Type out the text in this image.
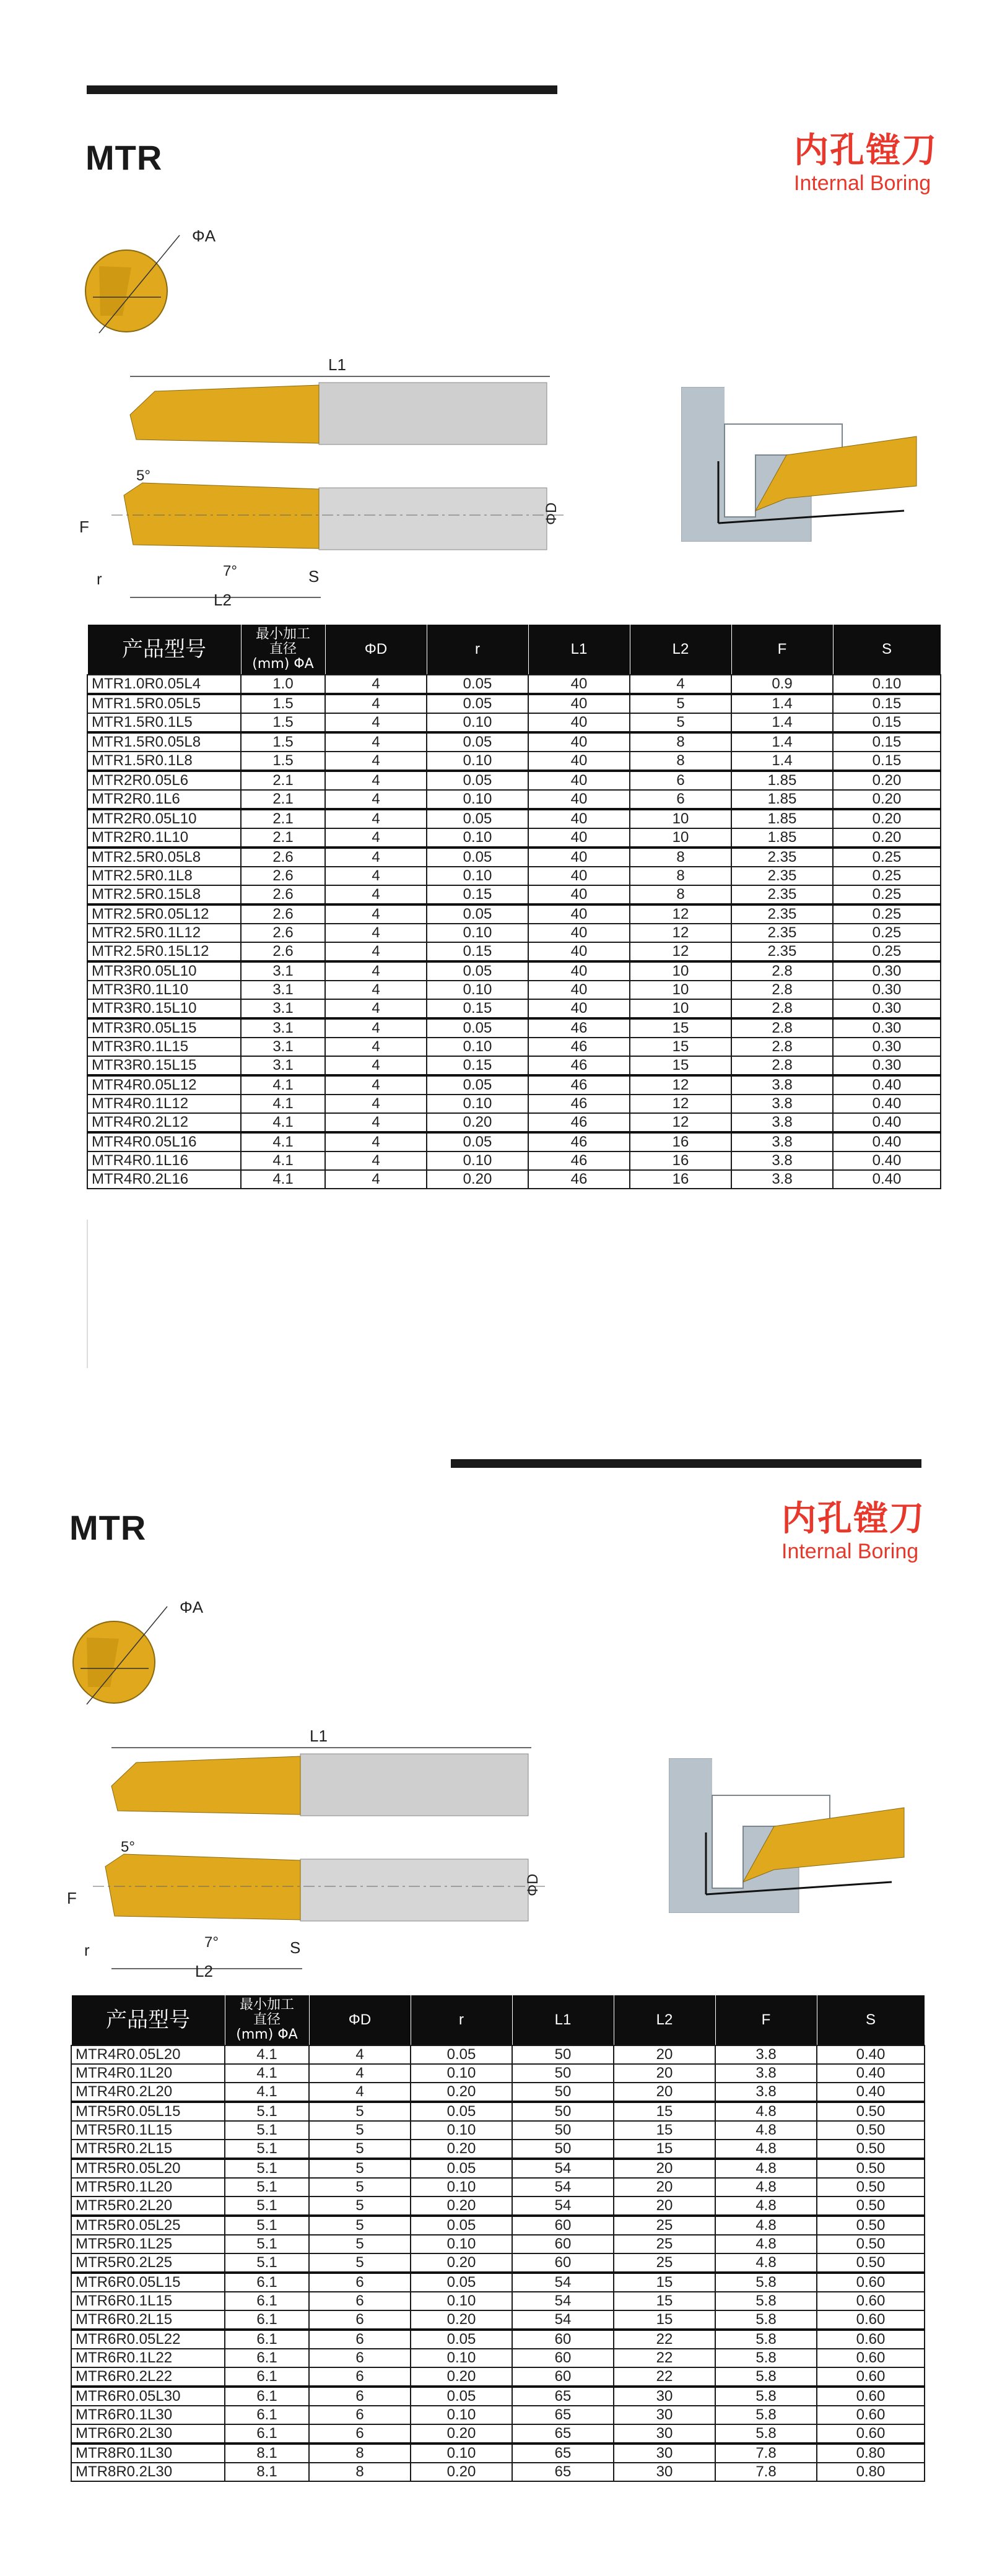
MTR	内孔镗刀
Internal Boring
ΦA
L1
5°
F
r	7°	S
L2
ΦD
产品型号	最小加工
直径
(mm) ΦA	ΦD	r	L1	L2	F	S
MTR1.0R0.05L4	1.0	4	0.05	40	4	0.9	0.10
MTR1.5R0.05L5	1.5	4	0.05	40	5	1.4	0.15
MTR1.5R0.1L5	1.5	4	0.10	40	5	1.4	0.15
MTR1.5R0.05L8	1.5	4	0.05	40	8	1.4	0.15
MTR1.5R0.1L8	1.5	4	0.10	40	8	1.4	0.15
MTR2R0.05L6	2.1	4	0.05	40	6	1.85	0.20
MTR2R0.1L6	2.1	4	0.10	40	6	1.85	0.20
MTR2R0.05L10	2.1	4	0.05	40	10	1.85	0.20
MTR2R0.1L10	2.1	4	0.10	40	10	1.85	0.20
MTR2.5R0.05L8	2.6	4	0.05	40	8	2.35	0.25
MTR2.5R0.1L8	2.6	4	0.10	40	8	2.35	0.25
MTR2.5R0.15L8	2.6	4	0.15	40	8	2.35	0.25
MTR2.5R0.05L12	2.6	4	0.05	40	12	2.35	0.25
MTR2.5R0.1L12	2.6	4	0.10	40	12	2.35	0.25
MTR2.5R0.15L12	2.6	4	0.15	40	12	2.35	0.25
MTR3R0.05L10	3.1	4	0.05	40	10	2.8	0.30
MTR3R0.1L10	3.1	4	0.10	40	10	2.8	0.30
MTR3R0.15L10	3.1	4	0.15	40	10	2.8	0.30
MTR3R0.05L15	3.1	4	0.05	46	15	2.8	0.30
MTR3R0.1L15	3.1	4	0.10	46	15	2.8	0.30
MTR3R0.15L15	3.1	4	0.15	46	15	2.8	0.30
MTR4R0.05L12	4.1	4	0.05	46	12	3.8	0.40
MTR4R0.1L12	4.1	4	0.10	46	12	3.8	0.40
MTR4R0.2L12	4.1	4	0.20	46	12	3.8	0.40
MTR4R0.05L16	4.1	4	0.05	46	16	3.8	0.40
MTR4R0.1L16	4.1	4	0.10	46	16	3.8	0.40
MTR4R0.2L16	4.1	4	0.20	46	16	3.8	0.40
MTR	内孔镗刀
Internal Boring
ΦA
L1
5°
F
r	7°	S
L2
ΦD
产品型号	最小加工
直径
(mm) ΦA	ΦD	r	L1	L2	F	S
MTR4R0.05L20	4.1	4	0.05	50	20	3.8	0.40
MTR4R0.1L20	4.1	4	0.10	50	20	3.8	0.40
MTR4R0.2L20	4.1	4	0.20	50	20	3.8	0.40
MTR5R0.05L15	5.1	5	0.05	50	15	4.8	0.50
MTR5R0.1L15	5.1	5	0.10	50	15	4.8	0.50
MTR5R0.2L15	5.1	5	0.20	50	15	4.8	0.50
MTR5R0.05L20	5.1	5	0.05	54	20	4.8	0.50
MTR5R0.1L20	5.1	5	0.10	54	20	4.8	0.50
MTR5R0.2L20	5.1	5	0.20	54	20	4.8	0.50
MTR5R0.05L25	5.1	5	0.05	60	25	4.8	0.50
MTR5R0.1L25	5.1	5	0.10	60	25	4.8	0.50
MTR5R0.2L25	5.1	5	0.20	60	25	4.8	0.50
MTR6R0.05L15	6.1	6	0.05	54	15	5.8	0.60
MTR6R0.1L15	6.1	6	0.10	54	15	5.8	0.60
MTR6R0.2L15	6.1	6	0.20	54	15	5.8	0.60
MTR6R0.05L22	6.1	6	0.05	60	22	5.8	0.60
MTR6R0.1L22	6.1	6	0.10	60	22	5.8	0.60
MTR6R0.2L22	6.1	6	0.20	60	22	5.8	0.60
MTR6R0.05L30	6.1	6	0.05	65	30	5.8	0.60
MTR6R0.1L30	6.1	6	0.10	65	30	5.8	0.60
MTR6R0.2L30	6.1	6	0.20	65	30	5.8	0.60
MTR8R0.1L30	8.1	8	0.10	65	30	7.8	0.80
MTR8R0.2L30	8.1	8	0.20	65	30	7.8	0.80
